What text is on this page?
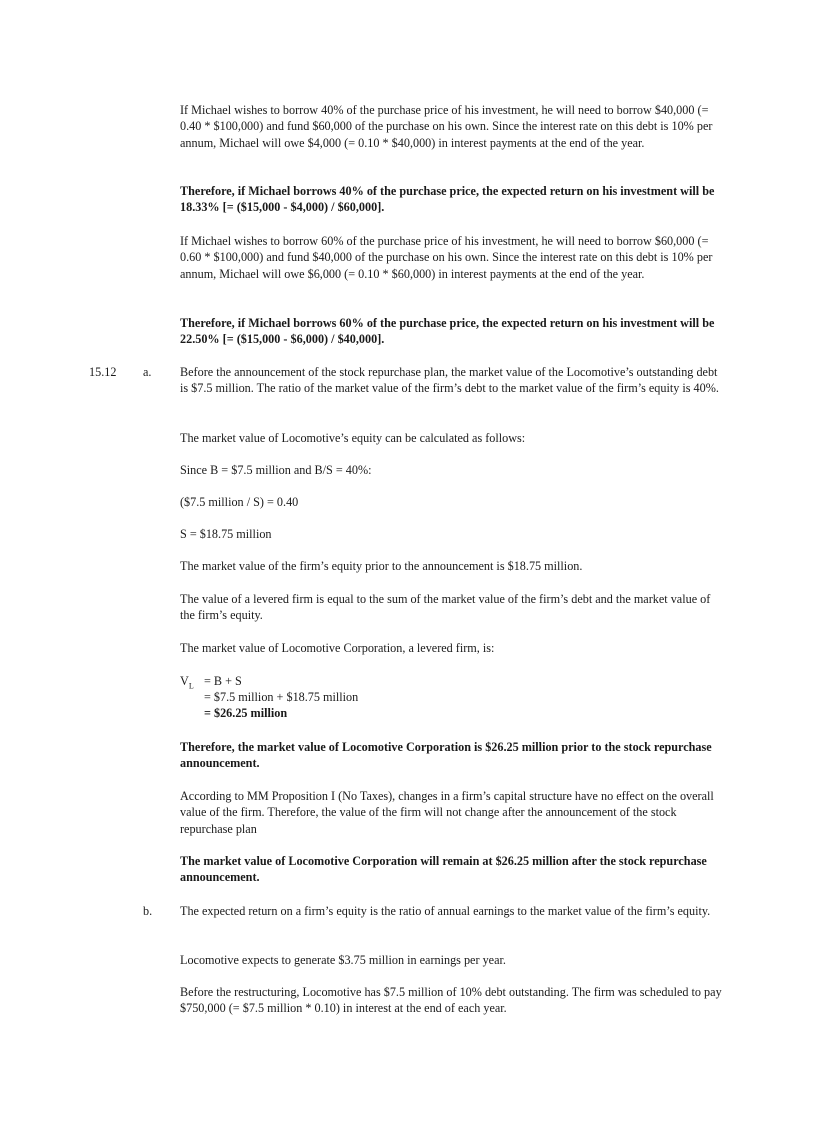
If Michael wishes to borrow 40% of the purchase price of his investment, he will need to borrow $40,000 (= 0.40 * $100,000) and fund $60,000 of the purchase on his own. Since the interest rate on this debt is 10% per annum, Michael will owe $4,000 (= 0.10 * $40,000) in interest payments at the end of the year.

Therefore, if Michael borrows 40% of the purchase price, the expected return on his investment will be 18.33% [= ($15,000 - $4,000) / $60,000].

If Michael wishes to borrow 60% of the purchase price of his investment, he will need to borrow $60,000 (= 0.60 * $100,000) and fund $40,000 of the purchase on his own. Since the interest rate on this debt is 10% per annum, Michael will owe $6,000 (= 0.10 * $60,000) in interest payments at the end of the year.

Therefore, if Michael borrows 60% of the purchase price, the expected return on his investment will be 22.50% [= ($15,000 - $6,000) / $40,000].

15.12 a. Before the announcement of the stock repurchase plan, the market value of the Locomotive’s outstanding debt is $7.5 million. The ratio of the market value of the firm’s debt to the market value of the firm’s equity is 40%.

The market value of Locomotive’s equity can be calculated as follows:

Since B = $7.5 million and B/S = 40%:

($7.5 million / S) = 0.40

S = $18.75 million

The market value of the firm’s equity prior to the announcement is $18.75 million.

The value of a levered firm is equal to the sum of the market value of the firm’s debt and the market value of the firm’s equity.

The market value of Locomotive Corporation, a levered firm, is:

$V_L = B + S$
= $7.5 million + $18.75 million
= $26.25 million

Therefore, the market value of Locomotive Corporation is $26.25 million prior to the stock repurchase announcement.

According to MM Proposition I (No Taxes), changes in a firm’s capital structure have no effect on the overall value of the firm. Therefore, the value of the firm will not change after the announcement of the stock repurchase plan

The market value of Locomotive Corporation will remain at $26.25 million after the stock repurchase announcement.

b. The expected return on a firm’s equity is the ratio of annual earnings to the market value of the firm’s equity.

Locomotive expects to generate $3.75 million in earnings per year.

Before the restructuring, Locomotive has $7.5 million of 10% debt outstanding. The firm was scheduled to pay $750,000 (= $7.5 million * 0.10) in interest at the end of each year.
